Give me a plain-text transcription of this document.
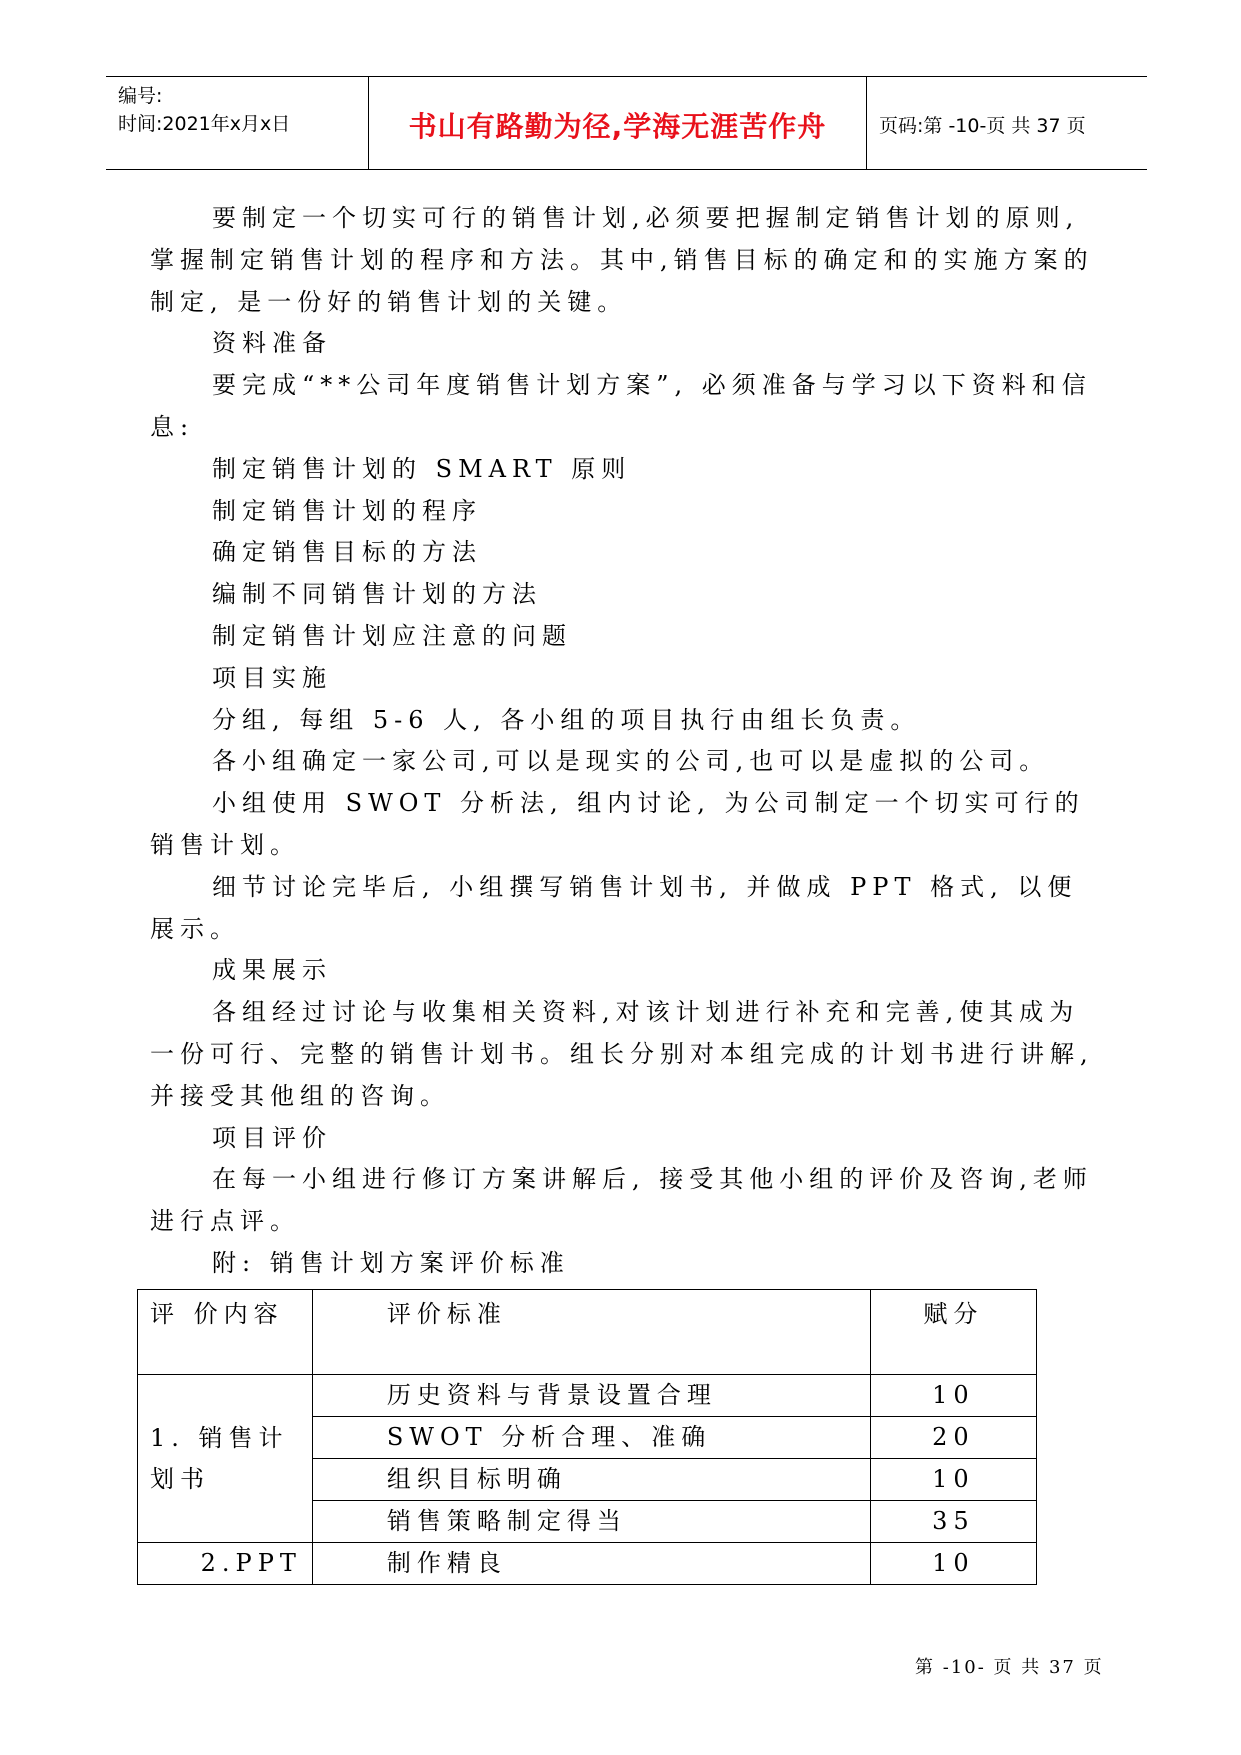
编号:
时间:2021年x月x日	书山有路勤为径,学海无涯苦作舟	页码:第 -10-页 共 37 页

要制定一个切实可行的销售计划,必须要把握制定销售计划的原则,掌握制定销售计划的程序和方法。其中,销售目标的确定和的实施方案的制定, 是一份好的销售计划的关键。

资料准备

要完成“**公司年度销售计划方案”, 必须准备与学习以下资料和信息:

制定销售计划的 SMART 原则

制定销售计划的程序

确定销售目标的方法

编制不同销售计划的方法

制定销售计划应注意的问题

项目实施

分组, 每组 5-6 人, 各小组的项目执行由组长负责。

各小组确定一家公司,可以是现实的公司,也可以是虚拟的公司。

小组使用 SWOT 分析法, 组内讨论, 为公司制定一个切实可行的销售计划。

细节讨论完毕后, 小组撰写销售计划书, 并做成 PPT 格式, 以便展示。

成果展示

各组经过讨论与收集相关资料,对该计划进行补充和完善,使其成为一份可行、完整的销售计划书。组长分别对本组完成的计划书进行讲解, 并接受其他组的咨询。

项目评价

在每一小组进行修订方案讲解后, 接受其他小组的评价及咨询,老师进行点评。

附: 销售计划方案评价标准

评 价内容	评价标准	赋分
1. 销售计划书	历史资料与背景设置合理	10
	SWOT 分析合理、准确	20
	组织目标明确	10
	销售策略制定得当	35
2.PPT	制作精良	10
第 -10- 页 共 37 页
